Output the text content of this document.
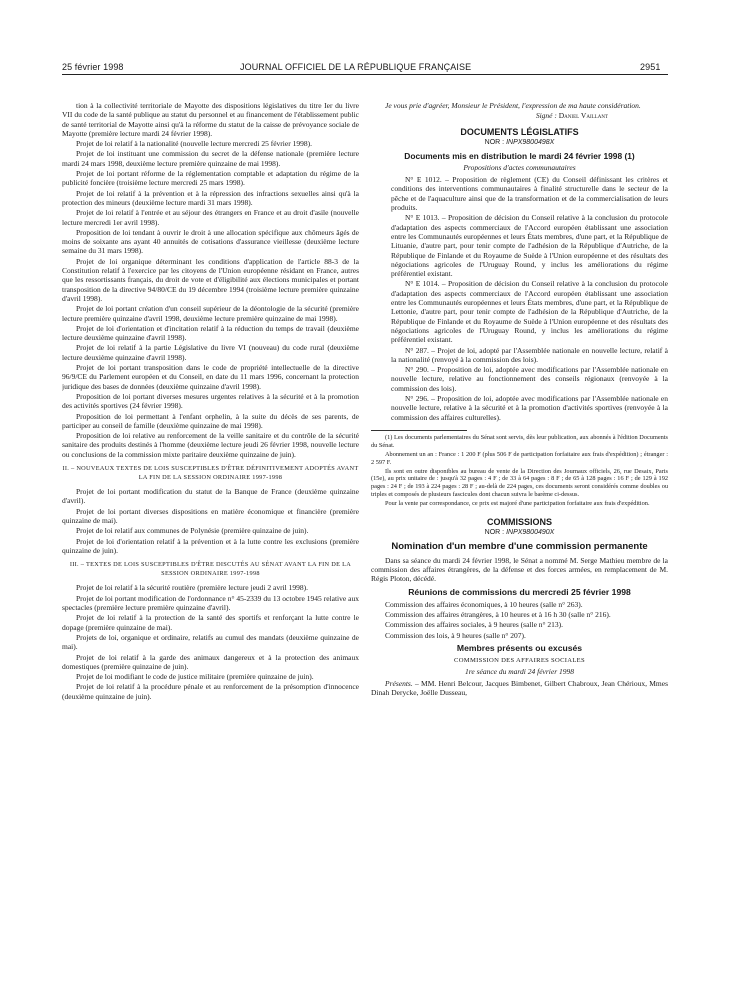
25 février 1998	JOURNAL OFFICIEL DE LA RÉPUBLIQUE FRANÇAISE	2951

tion à la collectivité territoriale de Mayotte des dispositions législatives du titre Ier du livre VII du code de la santé publique au statut du personnel et au financement de l'établissement public de santé territorial de Mayotte ainsi qu'à la réforme du statut de la caisse de prévoyance sociale de Mayotte (première lecture mardi 24 février 1998).

Projet de loi relatif à la nationalité (nouvelle lecture mercredi 25 février 1998).

Projet de loi instituant une commission du secret de la défense nationale (première lecture mardi 24 mars 1998, deuxième lecture première quinzaine de mai 1998).

Projet de loi portant réforme de la réglementation comptable et adaptation du régime de la publicité foncière (troisième lecture mercredi 25 mars 1998).

Projet de loi relatif à la prévention et à la répression des infractions sexuelles ainsi qu'à la protection des mineurs (deuxième lecture mardi 31 mars 1998).

Projet de loi relatif à l'entrée et au séjour des étrangers en France et au droit d'asile (nouvelle lecture mercredi 1er avril 1998).

Proposition de loi tendant à ouvrir le droit à une allocation spécifique aux chômeurs âgés de moins de soixante ans ayant 40 annuités de cotisations d'assurance vieillesse (deuxième lecture semaine du 31 mars 1998).

Projet de loi organique déterminant les conditions d'application de l'article 88-3 de la Constitution relatif à l'exercice par les citoyens de l'Union européenne résidant en France, autres que les ressortissants français, du droit de vote et d'éligibilité aux élections municipales et portant transposition de la directive 94/80/CE du 19 décembre 1994 (troisième lecture première quinzaine d'avril 1998).

Projet de loi portant création d'un conseil supérieur de la déontologie de la sécurité (première lecture première quinzaine d'avril 1998, deuxième lecture première quinzaine de mai 1998).

Projet de loi d'orientation et d'incitation relatif à la réduction du temps de travail (deuxième lecture deuxième quinzaine d'avril 1998).

Projet de loi relatif à la partie Législative du livre VI (nouveau) du code rural (deuxième lecture deuxième quinzaine d'avril 1998).

Projet de loi portant transposition dans le code de propriété intellectuelle de la directive 96/9/CE du Parlement européen et du Conseil, en date du 11 mars 1996, concernant la protection juridique des bases de données (deuxième quinzaine d'avril 1998).

Proposition de loi portant diverses mesures urgentes relatives à la sécurité et à la promotion des activités sportives (24 février 1998).

Proposition de loi permettant à l'enfant orphelin, à la suite du décès de ses parents, de participer au conseil de famille (deuxième quinzaine de mai 1998).

Proposition de loi relative au renforcement de la veille sanitaire et du contrôle de la sécurité sanitaire des produits destinés à l'homme (deuxième lecture jeudi 26 février 1998, nouvelle lecture ou conclusions de la commission mixte paritaire deuxième quinzaine de juin).

II. – NOUVEAUX TEXTES DE LOIS SUSCEPTIBLES D'ÊTRE DÉFINITIVEMENT ADOPTÉS AVANT LA FIN DE LA SESSION ORDINAIRE 1997-1998

Projet de loi portant modification du statut de la Banque de France (deuxième quinzaine d'avril).

Projet de loi portant diverses dispositions en matière économique et financière (première quinzaine de mai).

Projet de loi relatif aux communes de Polynésie (première quinzaine de juin).

Projet de loi d'orientation relatif à la prévention et à la lutte contre les exclusions (première quinzaine de juin).

III. – TEXTES DE LOIS SUSCEPTIBLES D'ÊTRE DISCUTÉS AU SÉNAT AVANT LA FIN DE LA SESSION ORDINAIRE 1997-1998

Projet de loi relatif à la sécurité routière (première lecture jeudi 2 avril 1998).

Projet de loi portant modification de l'ordonnance n° 45-2339 du 13 octobre 1945 relative aux spectacles (première lecture première quinzaine d'avril).

Projet de loi relatif à la protection de la santé des sportifs et renforçant la lutte contre le dopage (première quinzaine de mai).

Projets de loi, organique et ordinaire, relatifs au cumul des mandats (deuxième quinzaine de mai).

Projet de loi relatif à la garde des animaux dangereux et à la protection des animaux domestiques (première quinzaine de juin).

Projet de loi modifiant le code de justice militaire (première quinzaine de juin).

Projet de loi relatif à la procédure pénale et au renforcement de la présomption d'innocence (deuxième quinzaine de juin).

Je vous prie d'agréer, Monsieur le Président, l'expression de ma haute considération.

Signé : Daniel Vaillant
DOCUMENTS LÉGISLATIFS
NOR : INPX9800498X
Documents mis en distribution le mardi 24 février 1998 (1)
Propositions d'actes communautaires

N° E 1012. – Proposition de règlement (CE) du Conseil définissant les critères et conditions des interventions communautaires à finalité structurelle dans le secteur de la pêche et de l'aquaculture ainsi que de la transformation et de la commercialisation de leurs produits.

N° E 1013. – Proposition de décision du Conseil relative à la conclusion du protocole d'adaptation des aspects commerciaux de l'Accord européen établissant une association entre les Communautés européennes et leurs États membres, d'une part, et la République de Lituanie, d'autre part, pour tenir compte de l'adhésion de la République d'Autriche, de la République de Finlande et du Royaume de Suède à l'Union européenne et des résultats des négociations agricoles de l'Uruguay Round, y inclus les améliorations du régime préférentiel existant.

N° E 1014. – Proposition de décision du Conseil relative à la conclusion du protocole d'adaptation des aspects commerciaux de l'Accord européen établissant une association entre les Communautés européennes et leurs États membres, d'une part, et la République de Lettonie, d'autre part, pour tenir compte de l'adhésion de la République d'Autriche, de la République de Finlande et du Royaume de Suède à l'Union européenne et des résultats des négociations agricoles de l'Uruguay Round, y inclus les améliorations du régime préférentiel existant.

N° 287. – Projet de loi, adopté par l'Assemblée nationale en nouvelle lecture, relatif à la nationalité (renvoyé à la commission des lois).

N° 290. – Proposition de loi, adoptée avec modifications par l'Assemblée nationale en nouvelle lecture, relative au fonctionnement des conseils régionaux (renvoyée à la commission des lois).

N° 296. – Proposition de loi, adoptée avec modifications par l'Assemblée nationale en nouvelle lecture, relative à la sécurité et à la promotion d'activités sportives (renvoyée à la commission des affaires culturelles).

(1) Les documents parlementaires du Sénat sont servis, dès leur publication, aux abonnés à l'édition Documents du Sénat.

Abonnement un an : France : 1 200 F (plus 506 F de participation forfaitaire aux frais d'expédition) ; étranger : 2 597 F.

Ils sont en outre disponibles au bureau de vente de la Direction des Journaux officiels, 26, rue Desaix, Paris (15e), au prix unitaire de : jusqu'à 32 pages : 4 F ; de 33 à 64 pages : 8 F ; de 65 à 128 pages : 16 F ; de 129 à 192 pages : 24 F ; de 193 à 224 pages : 28 F ; au-delà de 224 pages, ces documents seront considérés comme doubles ou triples et composés de plusieurs fascicules dont chacun suivra le barème ci-dessus.

Pour la vente par correspondance, ce prix est majoré d'une participation forfaitaire aux frais d'expédition.

COMMISSIONS
NOR : INPX9800490X
Nomination d'un membre d'une commission permanente

Dans sa séance du mardi 24 février 1998, le Sénat a nommé M. Serge Mathieu membre de la commission des affaires étrangères, de la défense et des forces armées, en remplacement de M. Régis Ploton, décédé.

Réunions de commissions du mercredi 25 février 1998

Commission des affaires économiques, à 10 heures (salle n° 263).

Commission des affaires étrangères, à 10 heures et à 16 h 30 (salle n° 216).

Commission des affaires sociales, à 9 heures (salle n° 213).

Commission des lois, à 9 heures (salle n° 207).

Membres présents ou excusés
COMMISSION DES AFFAIRES SOCIALES
1re séance du mardi 24 février 1998

Présents. – MM. Henri Belcour, Jacques Bimbenet, Gilbert Chabroux, Jean Chérioux, Mmes Dinah Derycke, Joëlle Dusseau,
